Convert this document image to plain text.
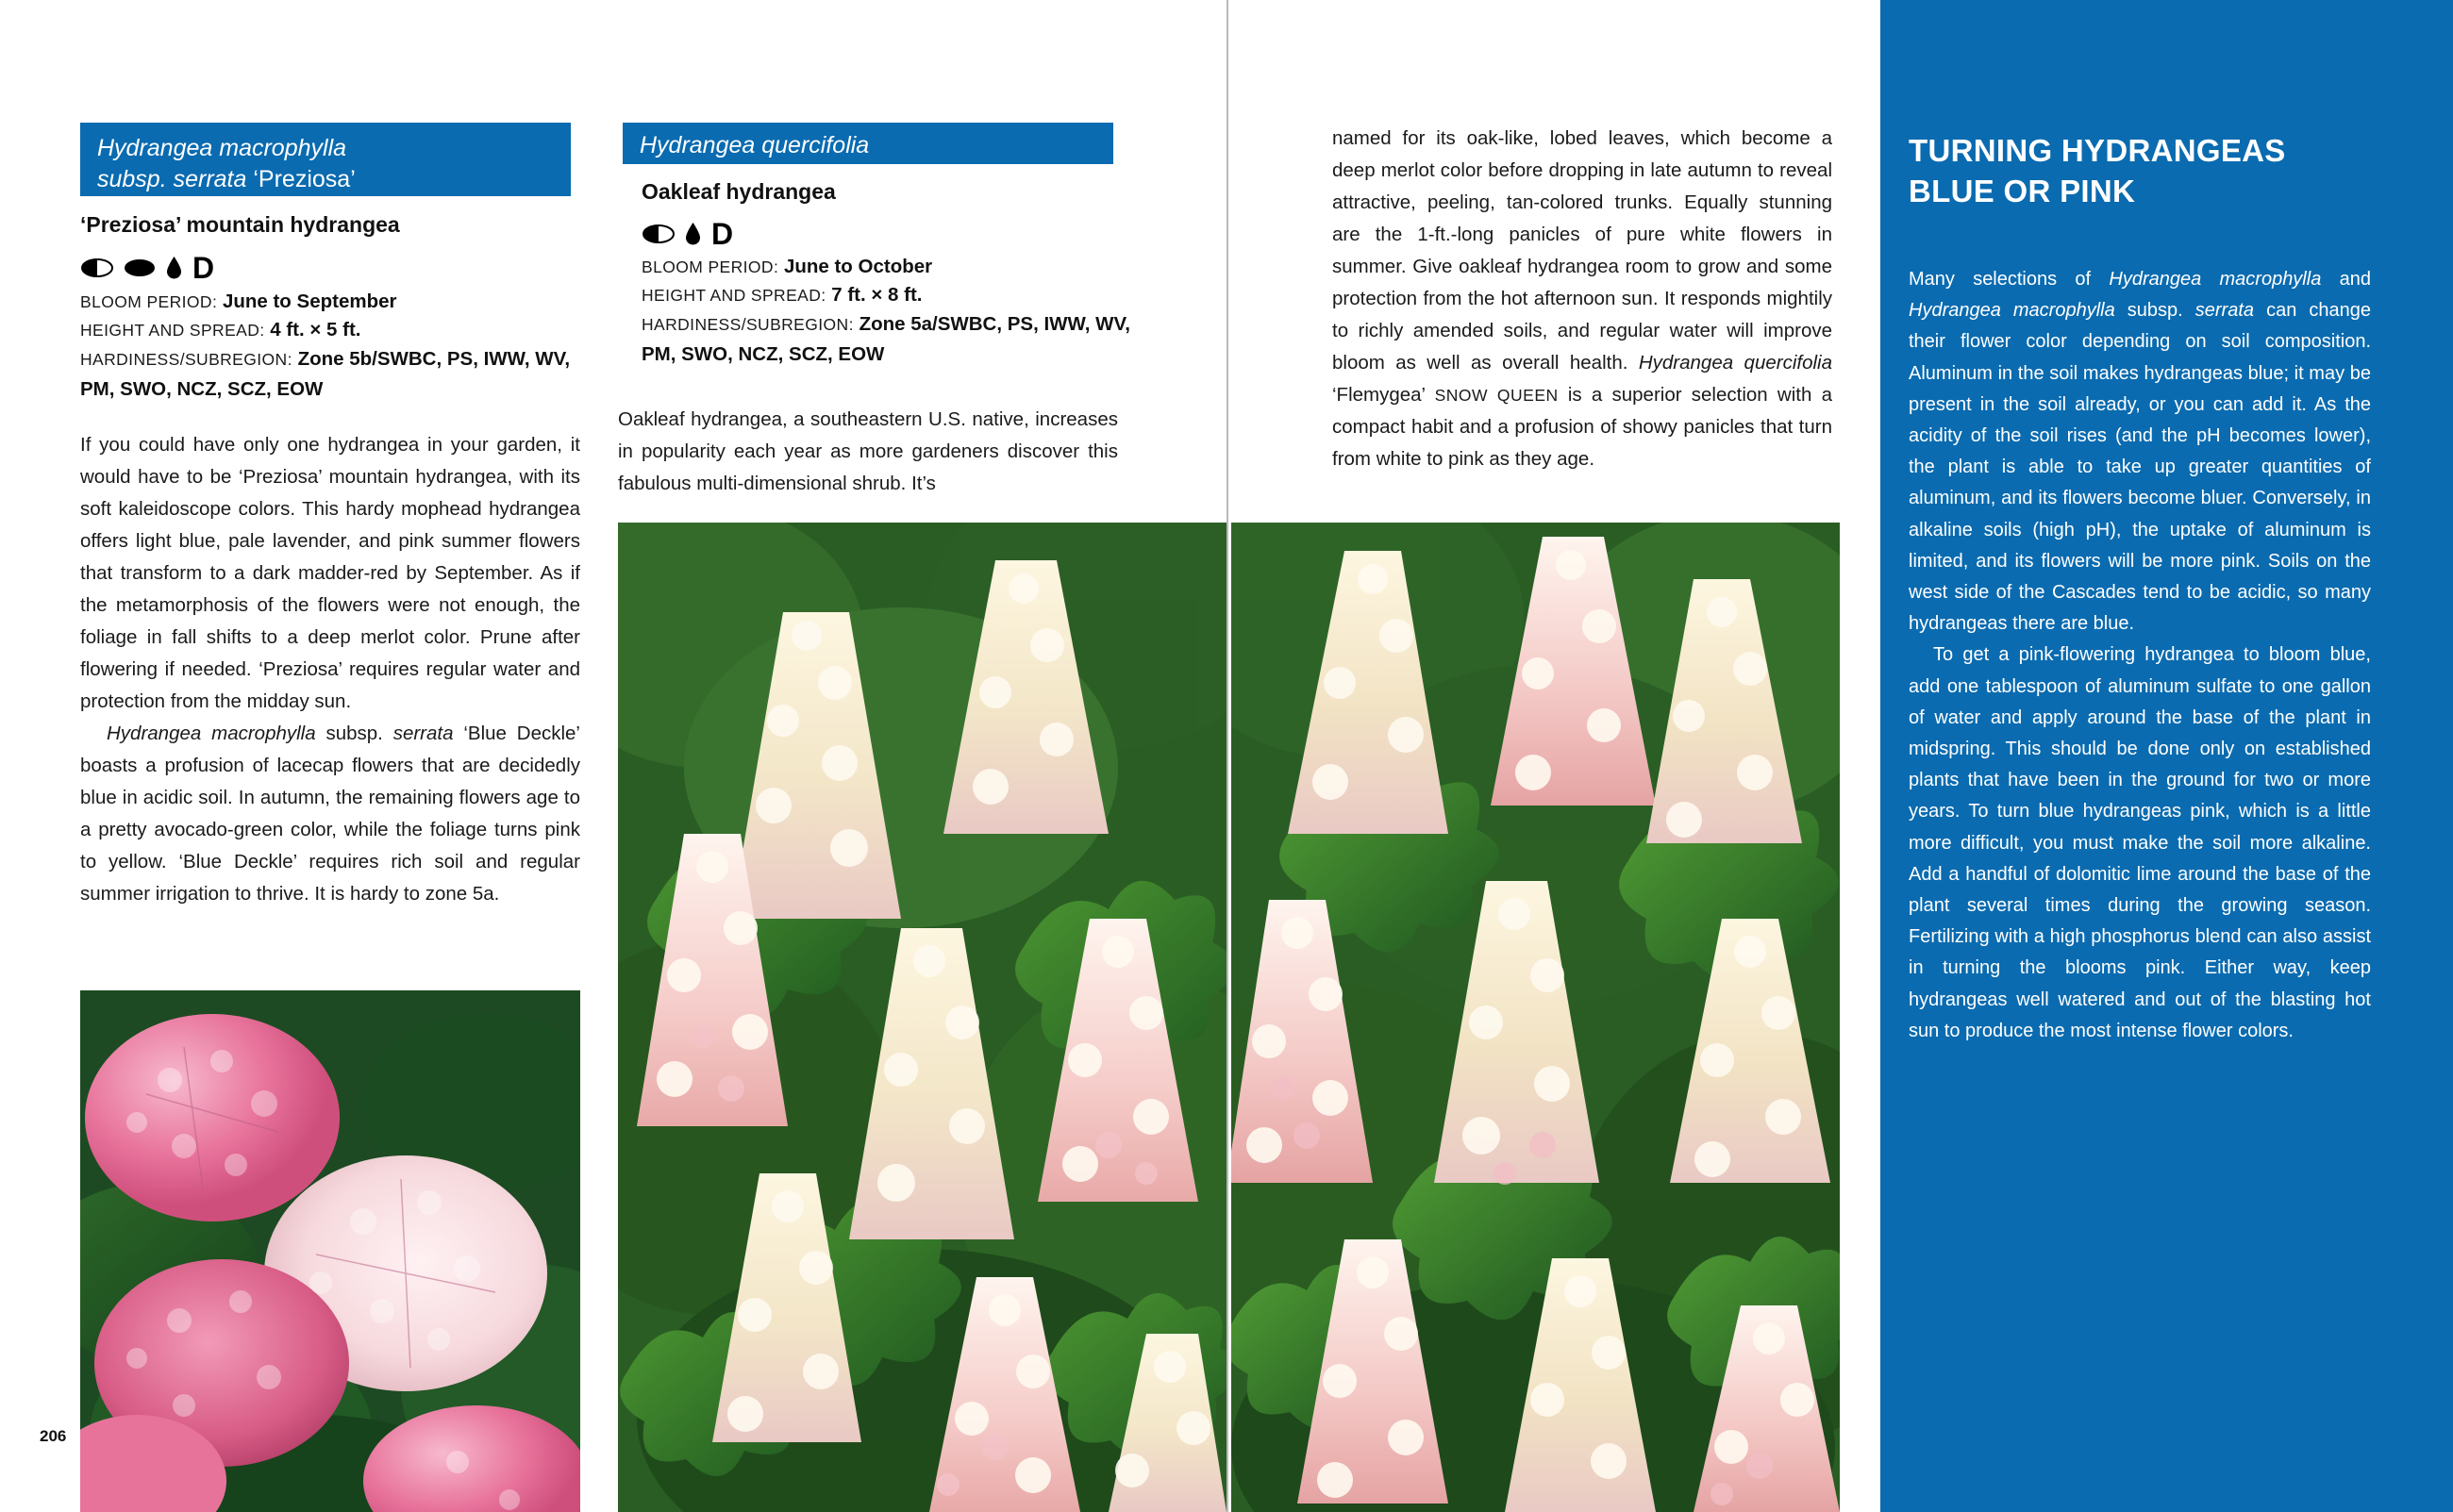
Hydrangea macrophylla
subsp. serrata ‘Preziosa’
‘Preziosa’ mountain hydrangea
D
BLOOM PERIOD: June to September
HEIGHT AND SPREAD: 4 ft. × 5 ft.
HARDINESS/SUBREGION: Zone 5b/SWBC, PS, IWW, WV, PM, SWO, NCZ, SCZ, EOW

If you could have only one hydrangea in your garden, it would have to be ‘Preziosa’ mountain hydrangea, with its soft kaleidoscope colors. This hardy mophead hydrangea offers light blue, pale lavender, and pink summer flowers that transform to a dark madder-red by September. As if the metamorphosis of the flowers were not enough, the foliage in fall shifts to a deep merlot color. Prune after flowering if needed. ‘Preziosa’ requires regular water and protection from the midday sun.

Hydrangea macrophylla subsp. serrata ‘Blue Deckle’ boasts a profusion of lacecap flowers that are decidedly blue in acidic soil. In autumn, the remaining flowers age to a pretty avocado-green color, while the foliage turns pink to yellow. ‘Blue Deckle’ requires rich soil and regular summer irrigation to thrive. It is hardy to zone 5a.

206
Hydrangea quercifolia
Oakleaf hydrangea
D
BLOOM PERIOD: June to October
HEIGHT AND SPREAD: 7 ft. × 8 ft.
HARDINESS/SUBREGION: Zone 5a/SWBC, PS, IWW, WV, PM, SWO, NCZ, SCZ, EOW

Oakleaf hydrangea, a southeastern U.S. native, increases in popularity each year as more gardeners discover this fabulous multi-dimensional shrub. It’s

named for its oak-like, lobed leaves, which become a deep merlot color before dropping in late autumn to reveal attractive, peeling, tan-colored trunks. Equally stunning are the 1-ft.-long panicles of pure white flowers in summer. Give oakleaf hydrangea room to grow and some protection from the hot afternoon sun. It responds mightily to richly amended soils, and regular water will improve bloom as well as overall health. Hydrangea quercifolia ‘Flemygea’ SNOW QUEEN is a superior selection with a compact habit and a profusion of showy panicles that turn from white to pink as they age.

TURNING HYDRANGEAS BLUE OR PINK

Many selections of Hydrangea macrophylla and Hydrangea macrophylla subsp. serrata can change their flower color depending on soil composition. Aluminum in the soil makes hydrangeas blue; it may be present in the soil already, or you can add it. As the acidity of the soil rises (and the pH becomes lower), the plant is able to take up greater quantities of aluminum, and its flowers become bluer. Conversely, in alkaline soils (high pH), the uptake of aluminum is limited, and its flowers will be more pink. Soils on the west side of the Cascades tend to be acidic, so many hydrangeas there are blue.

To get a pink-flowering hydrangea to bloom blue, add one tablespoon of aluminum sulfate to one gallon of water and apply around the base of the plant in midspring. This should be done only on established plants that have been in the ground for two or more years. To turn blue hydrangeas pink, which is a little more difficult, you must make the soil more alkaline. Add a handful of dolomitic lime around the base of the plant several times during the growing season. Fertilizing with a high phosphorus blend can also assist in turning the blooms pink. Either way, keep hydrangeas well watered and out of the blasting hot sun to produce the most intense flower colors.
